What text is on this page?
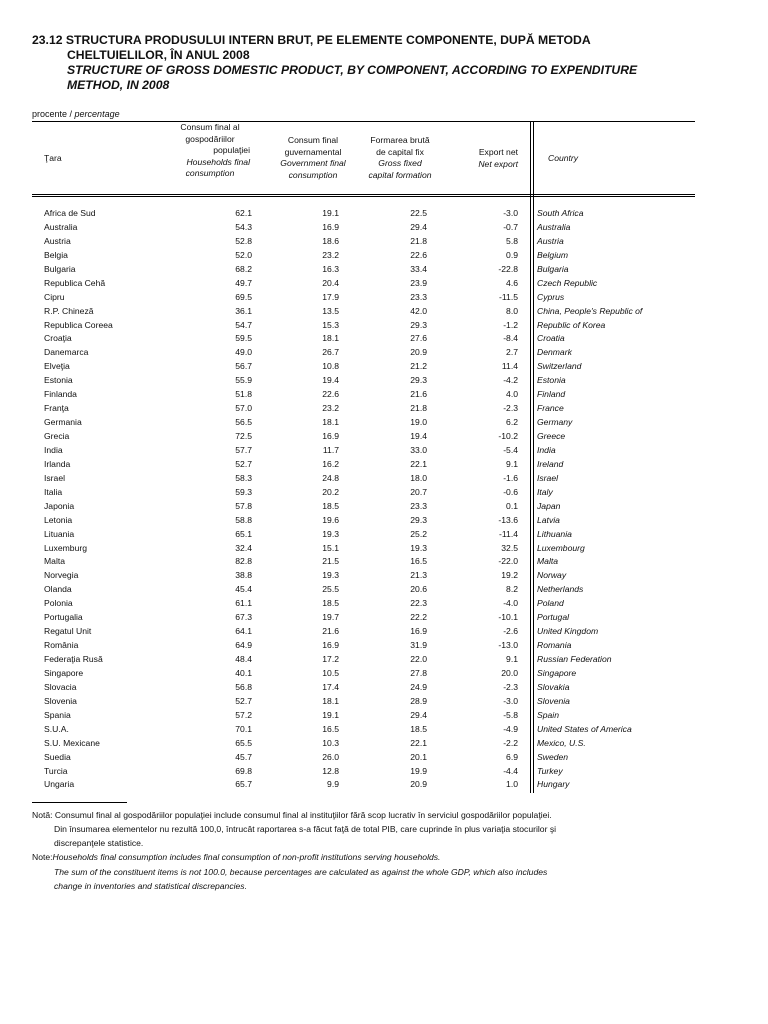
23.12 STRUCTURA PRODUSULUI INTERN BRUT, PE ELEMENTE COMPONENTE, DUPĂ METODA
CHELTUIELILOR, ÎN ANUL 2008
STRUCTURE OF GROSS DOMESTIC PRODUCT, BY COMPONENT, ACCORDING TO EXPENDITURE
METHOD, IN 2008
procente / percentage
Ţara
Consum final al
gospodăriilor
populaţiei
Households final
consumption
Consum final
guvernamental
Government final
consumption
Formarea brută
de capital fix
Gross fixed
capital formation
Export net
Net export
Country
Africa de Sud	62.1	19.1	22.5	-3.0 South Africa
Australia	54.3	16.9	29.4	-0.7 Australia
Austria	52.8	18.6	21.8	5.8 Austria
Belgia	52.0	23.2	22.6	0.9 Belgium
Bulgaria	68.2	16.3	33.4	-22.8 Bulgaria
Republica Cehă	49.7	20.4	23.9	4.6 Czech Republic
Cipru	69.5	17.9	23.3	-11.5 Cyprus
R.P. Chineză	36.1	13.5	42.0	8.0 China, People's Republic of
Republica Coreea	54.7	15.3	29.3	-1.2 Republic of Korea
Croaţia	59.5	18.1	27.6	-8.4 Croatia
Danemarca	49.0	26.7	20.9	2.7 Denmark
Elveţia	56.7	10.8	21.2	11.4 Switzerland
Estonia	55.9	19.4	29.3	-4.2 Estonia
Finlanda	51.8	22.6	21.6	4.0 Finland
Franţa	57.0	23.2	21.8	-2.3 France
Germania	56.5	18.1	19.0	6.2 Germany
Grecia	72.5	16.9	19.4	-10.2 Greece
India	57.7	11.7	33.0	-5.4 India
Irlanda	52.7	16.2	22.1	9.1 Ireland
Israel	58.3	24.8	18.0	-1.6 Israel
Italia	59.3	20.2	20.7	-0.6 Italy
Japonia	57.8	18.5	23.3	0.1 Japan
Letonia	58.8	19.6	29.3	-13.6 Latvia
Lituania	65.1	19.3	25.2	-11.4 Lithuania
Luxemburg	32.4	15.1	19.3	32.5 Luxembourg
Malta	82.8	21.5	16.5	-22.0 Malta
Norvegia	38.8	19.3	21.3	19.2 Norway
Olanda	45.4	25.5	20.6	8.2 Netherlands
Polonia	61.1	18.5	22.3	-4.0 Poland
Portugalia	67.3	19.7	22.2	-10.1 Portugal
Regatul Unit	64.1	21.6	16.9	-2.6 United Kingdom
România	64.9	16.9	31.9	-13.0 Romania
Federaţia Rusă	48.4	17.2	22.0	9.1 Russian Federation
Singapore	40.1	10.5	27.8	20.0 Singapore
Slovacia	56.8	17.4	24.9	-2.3 Slovakia
Slovenia	52.7	18.1	28.9	-3.0 Slovenia
Spania	57.2	19.1	29.4	-5.8 Spain
S.U.A.	70.1	16.5	18.5	-4.9 United States of America
S.U. Mexicane	65.5	10.3	22.1	-2.2 Mexico, U.S.
Suedia	45.7	26.0	20.1	6.9 Sweden
Turcia	69.8	12.8	19.9	-4.4 Turkey
Ungaria	65.7	9.9	20.9	1.0 Hungary
Notă: Consumul final al gospodăriilor populaţiei include consumul final al instituţiilor fără scop lucrativ în serviciul gospodăriilor populaţiei.
Din însumarea elementelor nu rezultă 100,0, întrucât raportarea s-a făcut faţă de total PIB, care cuprinde în plus variaţia stocurilor şi
discrepanţele statistice.
Note:Households final consumption includes final consumption of non-profit institutions serving households.
The sum of the constituent items is not 100.0, because percentages are calculated as against the whole GDP, which also includes
change in inventories and statistical discrepancies.
